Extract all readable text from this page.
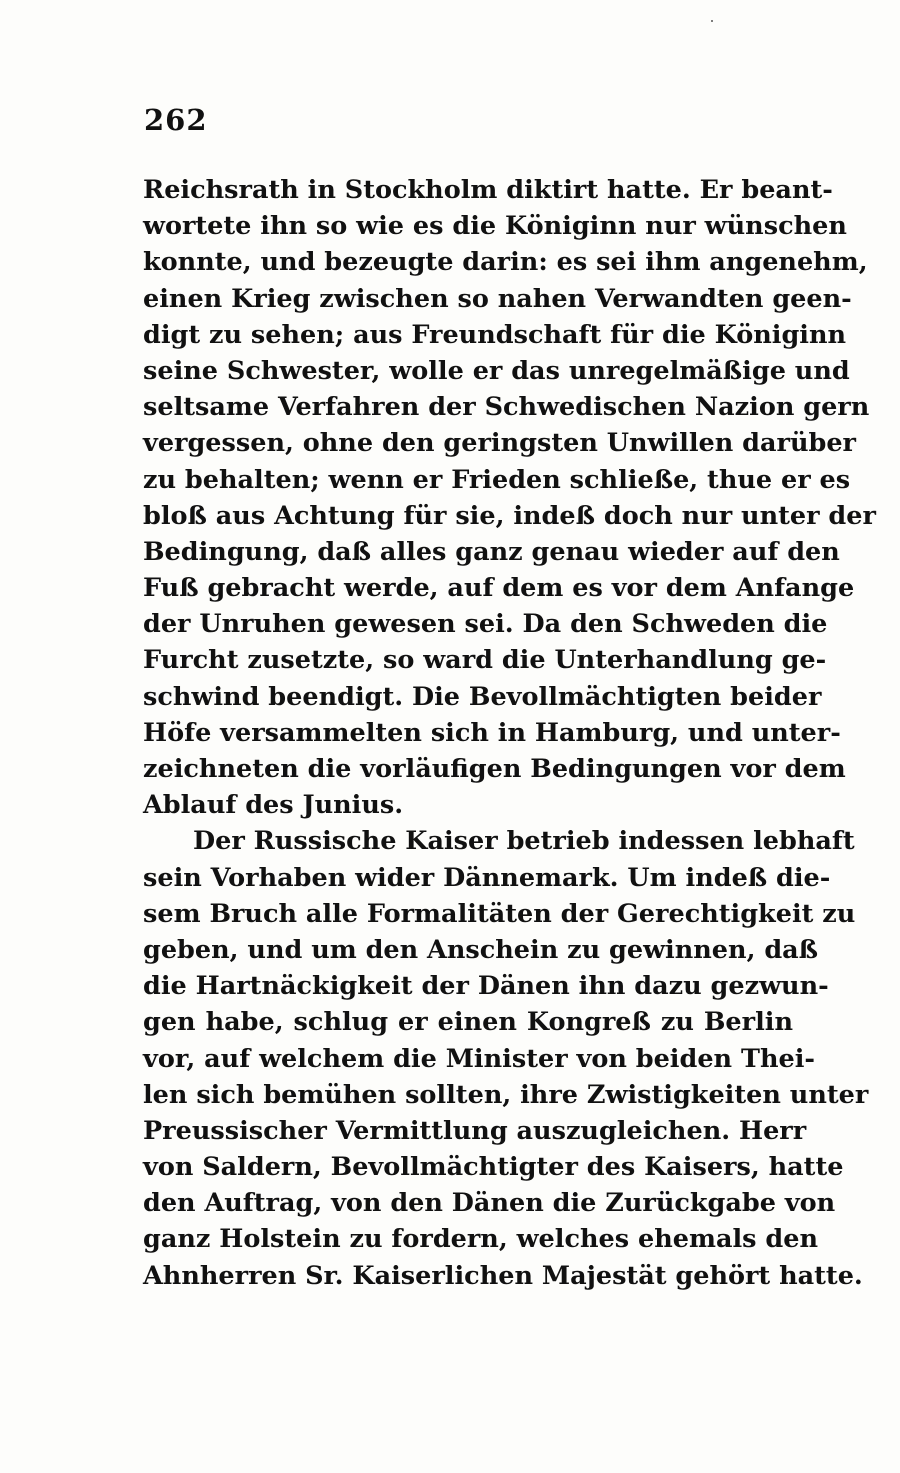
262
Reichsrath in Stockholm diktirt hatte. Er beant-
wortete ihn so wie es die Königinn nur wünschen
konnte, und bezeugte darin: es sei ihm angenehm,
einen Krieg zwischen so nahen Verwandten geen-
digt zu sehen; aus Freundschaft für die Königinn
seine Schwester, wolle er das unregelmäßige und
seltsame Verfahren der Schwedischen Nazion gern
vergessen, ohne den geringsten Unwillen darüber
zu behalten; wenn er Frieden schließe, thue er es
bloß aus Achtung für sie, indeß doch nur unter der
Bedingung, daß alles ganz genau wieder auf den
Fuß gebracht werde, auf dem es vor dem Anfange
der Unruhen gewesen sei. Da den Schweden die
Furcht zusetzte, so ward die Unterhandlung ge-
schwind beendigt. Die Bevollmächtigten beider
Höfe versammelten sich in Hamburg, und unter-
zeichneten die vorläufigen Bedingungen vor dem
Ablauf des Junius.
Der Russische Kaiser betrieb indessen lebhaft
sein Vorhaben wider Dännemark. Um indeß die-
sem Bruch alle Formalitäten der Gerechtigkeit zu
geben, und um den Anschein zu gewinnen, daß
die Hartnäckigkeit der Dänen ihn dazu gezwun-
gen habe, schlug er einen Kongreß zu Berlin
vor, auf welchem die Minister von beiden Thei-
len sich bemühen sollten, ihre Zwistigkeiten unter
Preussischer Vermittlung auszugleichen. Herr
von Saldern, Bevollmächtigter des Kaisers, hatte
den Auftrag, von den Dänen die Zurückgabe von
ganz Holstein zu fordern, welches ehemals den
Ahnherren Sr. Kaiserlichen Majestät gehört hatte.
